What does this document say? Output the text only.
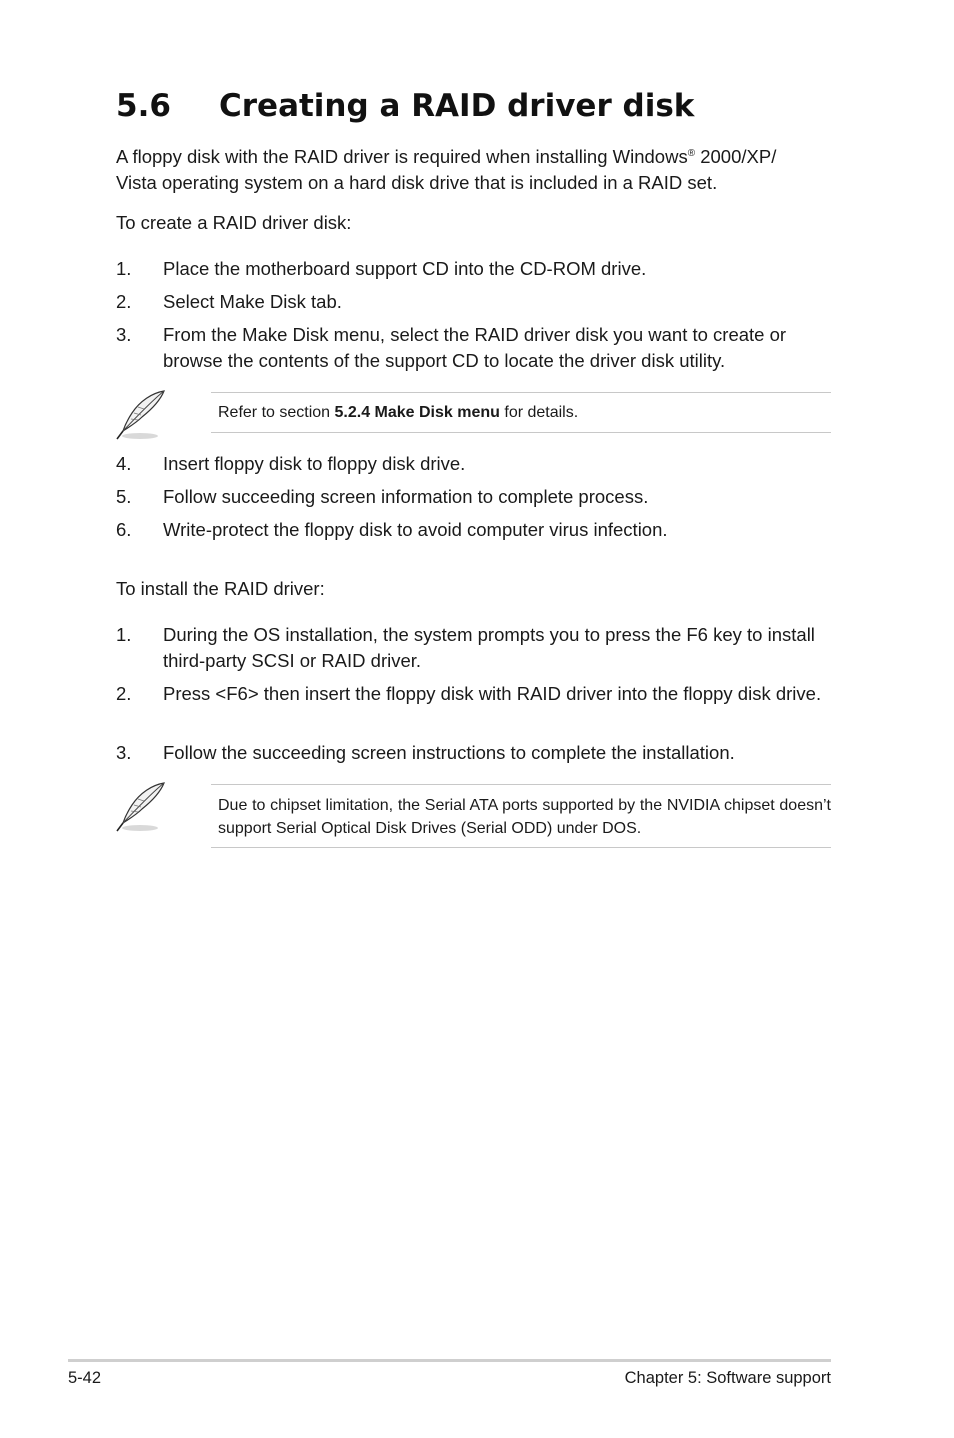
5.6 Creating a RAID driver disk

A floppy disk with the RAID driver is required when installing Windows® 2000/XP/
Vista operating system on a hard disk drive that is included in a RAID set.

To create a RAID driver disk:

1. Place the motherboard support CD into the CD-ROM drive.
2. Select Make Disk tab.
3. From the Make Disk menu, select the RAID driver disk you want to create or browse the contents of the support CD to locate the driver disk utility.
Refer to section 5.2.4 Make Disk menu for details.
4. Insert floppy disk to floppy disk drive.
5. Follow succeeding screen information to complete process.
6. Write-protect the floppy disk to avoid computer virus infection.

To install the RAID driver:

1. During the OS installation, the system prompts you to press the F6 key to install third-party SCSI or RAID driver.
2. Press <F6> then insert the floppy disk with RAID driver into the floppy disk drive.
3. Follow the succeeding screen instructions to complete the installation.
Due to chipset limitation, the Serial ATA ports supported by the NVIDIA chipset doesn’t support Serial Optical Disk Drives (Serial ODD) under DOS.
5-42	Chapter 5: Software support
